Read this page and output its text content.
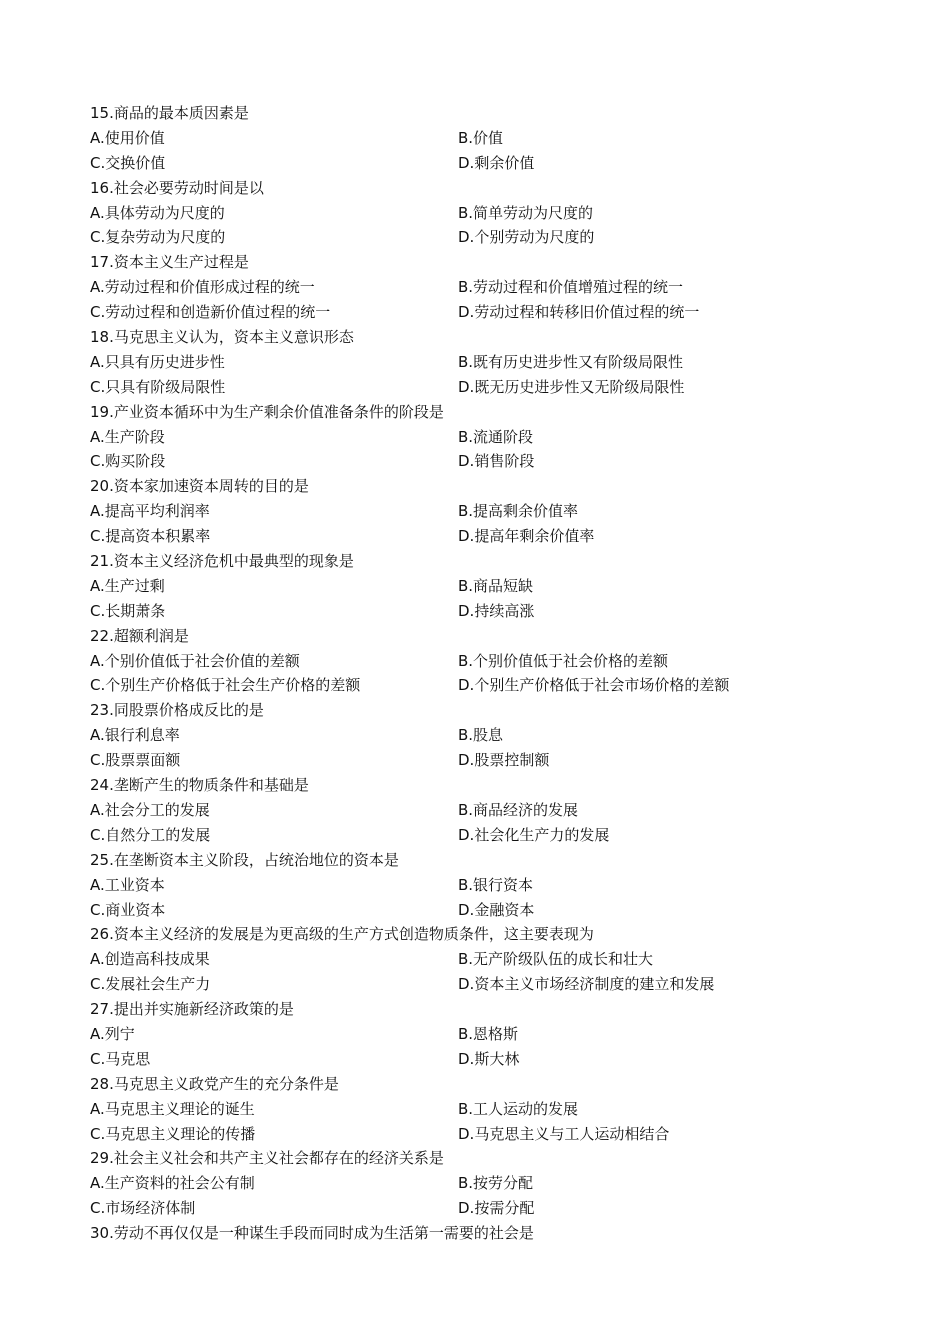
15.商品的最本质因素是
A.使用价值	B.价值
C.交换价值	D.剩余价值
16.社会必要劳动时间是以
A.具体劳动为尺度的	B.简单劳动为尺度的
C.复杂劳动为尺度的	D.个别劳动为尺度的
17.资本主义生产过程是
A.劳动过程和价值形成过程的统一	B.劳动过程和价值增殖过程的统一
C.劳动过程和创造新价值过程的统一	D.劳动过程和转移旧价值过程的统一
18.马克思主义认为，资本主义意识形态
A.只具有历史进步性	B.既有历史进步性又有阶级局限性
C.只具有阶级局限性	D.既无历史进步性又无阶级局限性
19.产业资本循环中为生产剩余价值准备条件的阶段是
A.生产阶段	B.流通阶段
C.购买阶段	D.销售阶段
20.资本家加速资本周转的目的是
A.提高平均利润率	B.提高剩余价值率
C.提高资本积累率	D.提高年剩余价值率
21.资本主义经济危机中最典型的现象是
A.生产过剩	B.商品短缺
C.长期萧条	D.持续高涨
22.超额利润是
A.个别价值低于社会价值的差额	B.个别价值低于社会价格的差额
C.个别生产价格低于社会生产价格的差额	D.个别生产价格低于社会市场价格的差额
23.同股票价格成反比的是
A.银行利息率	B.股息
C.股票票面额	D.股票控制额
24.垄断产生的物质条件和基础是
A.社会分工的发展	B.商品经济的发展
C.自然分工的发展	D.社会化生产力的发展
25.在垄断资本主义阶段，占统治地位的资本是
A.工业资本	B.银行资本
C.商业资本	D.金融资本
26.资本主义经济的发展是为更高级的生产方式创造物质条件，这主要表现为
A.创造高科技成果	B.无产阶级队伍的成长和壮大
C.发展社会生产力	D.资本主义市场经济制度的建立和发展
27.提出并实施新经济政策的是
A.列宁	B.恩格斯
C.马克思	D.斯大林
28.马克思主义政党产生的充分条件是
A.马克思主义理论的诞生	B.工人运动的发展
C.马克思主义理论的传播	D.马克思主义与工人运动相结合
29.社会主义社会和共产主义社会都存在的经济关系是
A.生产资料的社会公有制	B.按劳分配
C.市场经济体制	D.按需分配
30.劳动不再仅仅是一种谋生手段而同时成为生活第一需要的社会是
